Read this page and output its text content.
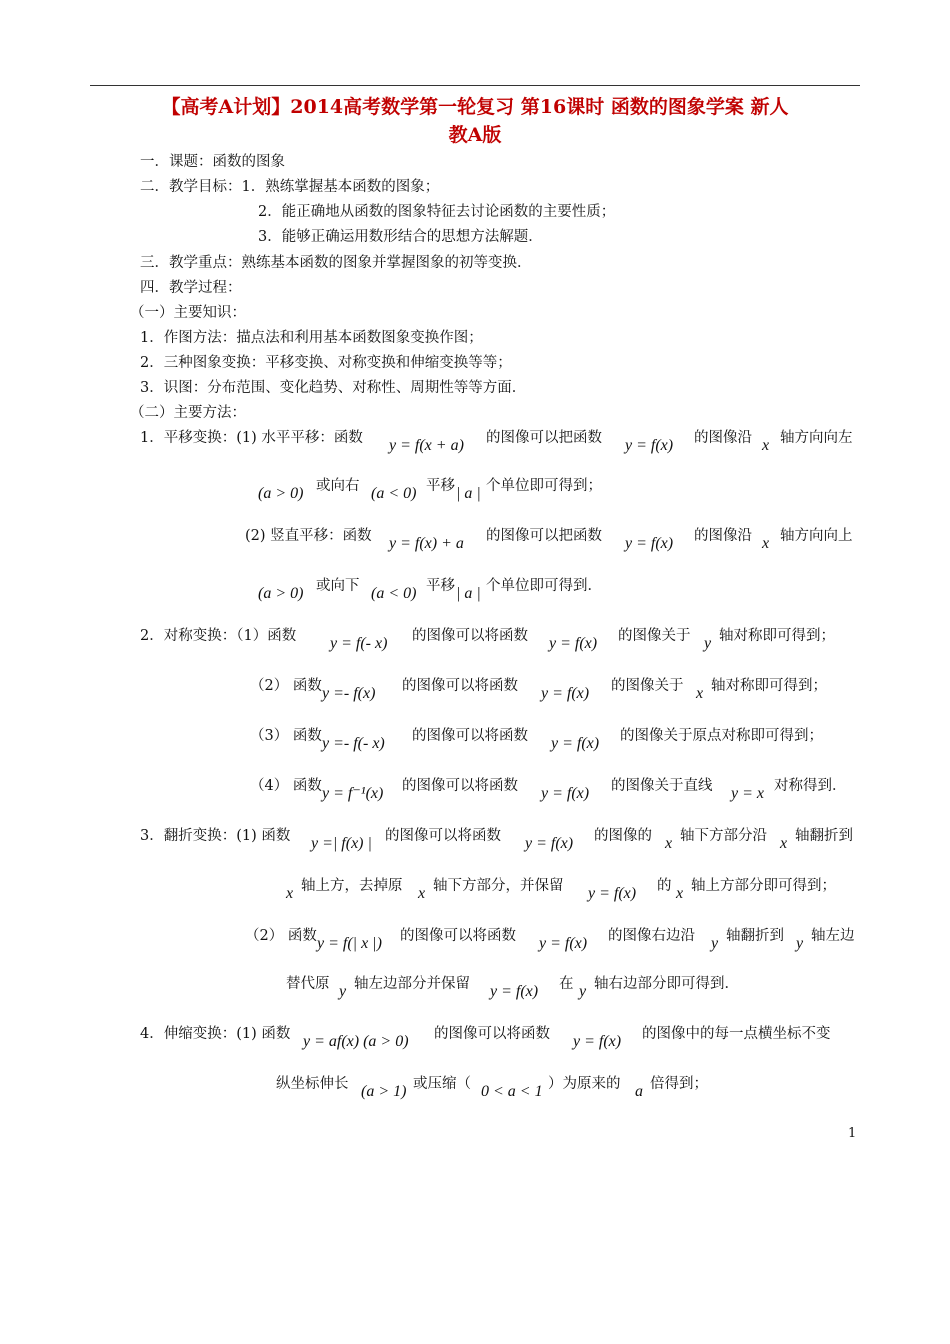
【高考A计划】2014高考数学第一轮复习 第16课时 函数的图象学案 新人
教A版
一．课题：函数的图象
二．教学目标：1．熟练掌握基本函数的图象；
2．能正确地从函数的图象特征去讨论函数的主要性质；
3．能够正确运用数形结合的思想方法解题．
三．教学重点：熟练基本函数的图象并掌握图象的初等变换．
四．教学过程：
（一）主要知识：
1．作图方法：描点法和利用基本函数图象变换作图；
2．三种图象变换：平移变换、对称变换和伸缩变换等等；
3．识图：分布范围、变化趋势、对称性、周期性等等方面．
（二）主要方法：
1．平移变换：(1) 水平平移：函数 y = f(x + a) 的图像可以把函数 y = f(x) 的图像沿 x 轴方向向左
(a > 0) 或向右 (a < 0) 平移 | a | 个单位即可得到；
(2) 竖直平移：函数 y = f(x) + a 的图像可以把函数 y = f(x) 的图像沿 x 轴方向向上
(a > 0) 或向下 (a < 0) 平移 | a | 个单位即可得到．
2．对称变换：（1）函数 y = f(- x) 的图像可以将函数 y = f(x) 的图像关于 y 轴对称即可得到；
（2） 函数 y =- f(x) 的图像可以将函数 y = f(x) 的图像关于 x 轴对称即可得到；
（3） 函数 y =- f(- x) 的图像可以将函数 y = f(x) 的图像关于原点对称即可得到；
（4） 函数 y = f⁻¹(x) 的图像可以将函数 y = f(x) 的图像关于直线 y = x 对称得到．
3．翻折变换：(1) 函数 y =| f(x) | 的图像可以将函数 y = f(x) 的图像的 x 轴下方部分沿 x 轴翻折到
x 轴上方，去掉原 x 轴下方部分，并保留 y = f(x) 的 x 轴上方部分即可得到；
（2） 函数 y = f(| x |) 的图像可以将函数 y = f(x) 的图像右边沿 y 轴翻折到 y 轴左边
替代原 y 轴左边部分并保留 y = f(x) 在 y 轴右边部分即可得到．
4．伸缩变换：(1) 函数 y = af(x) (a > 0) 的图像可以将函数 y = f(x) 的图像中的每一点横坐标不变
纵坐标伸长 (a > 1) 或压缩（ 0 < a < 1 ）为原来的 a 倍得到；
1
